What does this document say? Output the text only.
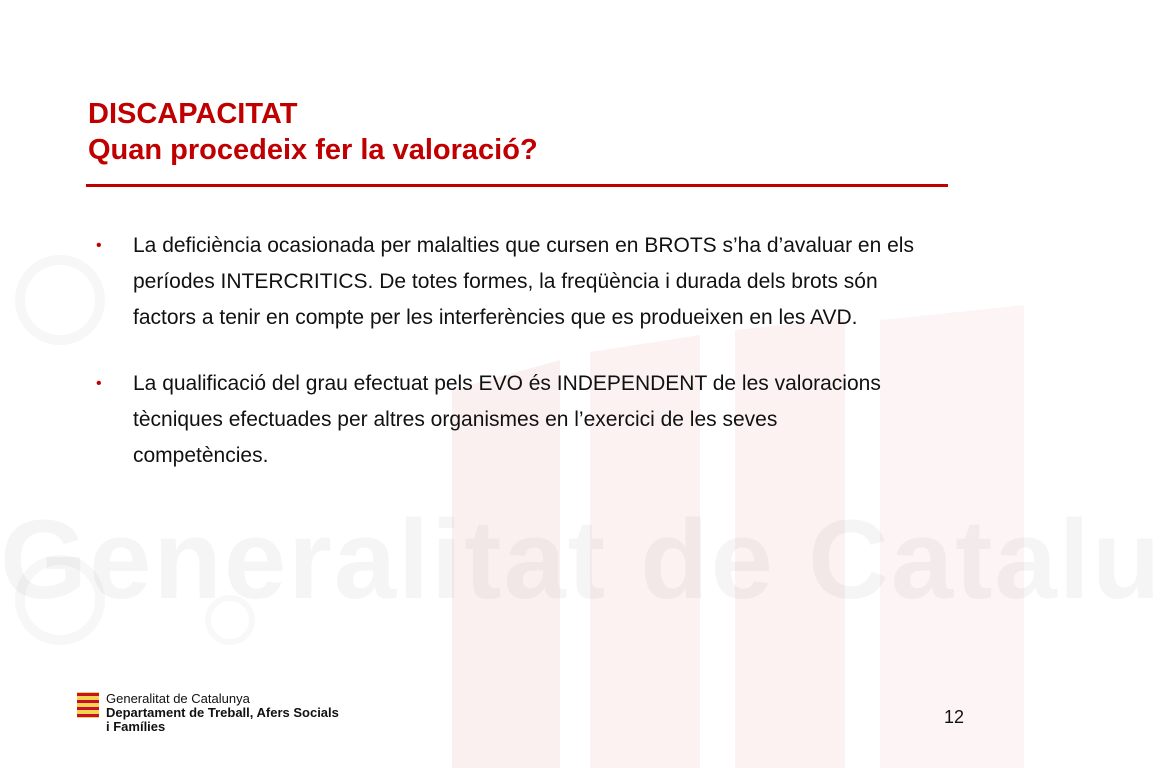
Generalitat de Catalu
DISCAPACITAT
Quan procedeix fer la valoració?
• La deficiència ocasionada per malalties que cursen en BROTS s’ha d’avaluar en els períodes INTERCRITICS. De totes formes, la freqüència i durada dels brots són factors a tenir en compte per les interferències que es produeixen en les AVD.
• La qualificació del grau efectuat pels EVO és INDEPENDENT de les valoracions tècniques efectuades per altres organismes en l’exercici de les seves competències.
Generalitat de Catalunya
Departament de Treball, Afers Socials
i Famílies	12
